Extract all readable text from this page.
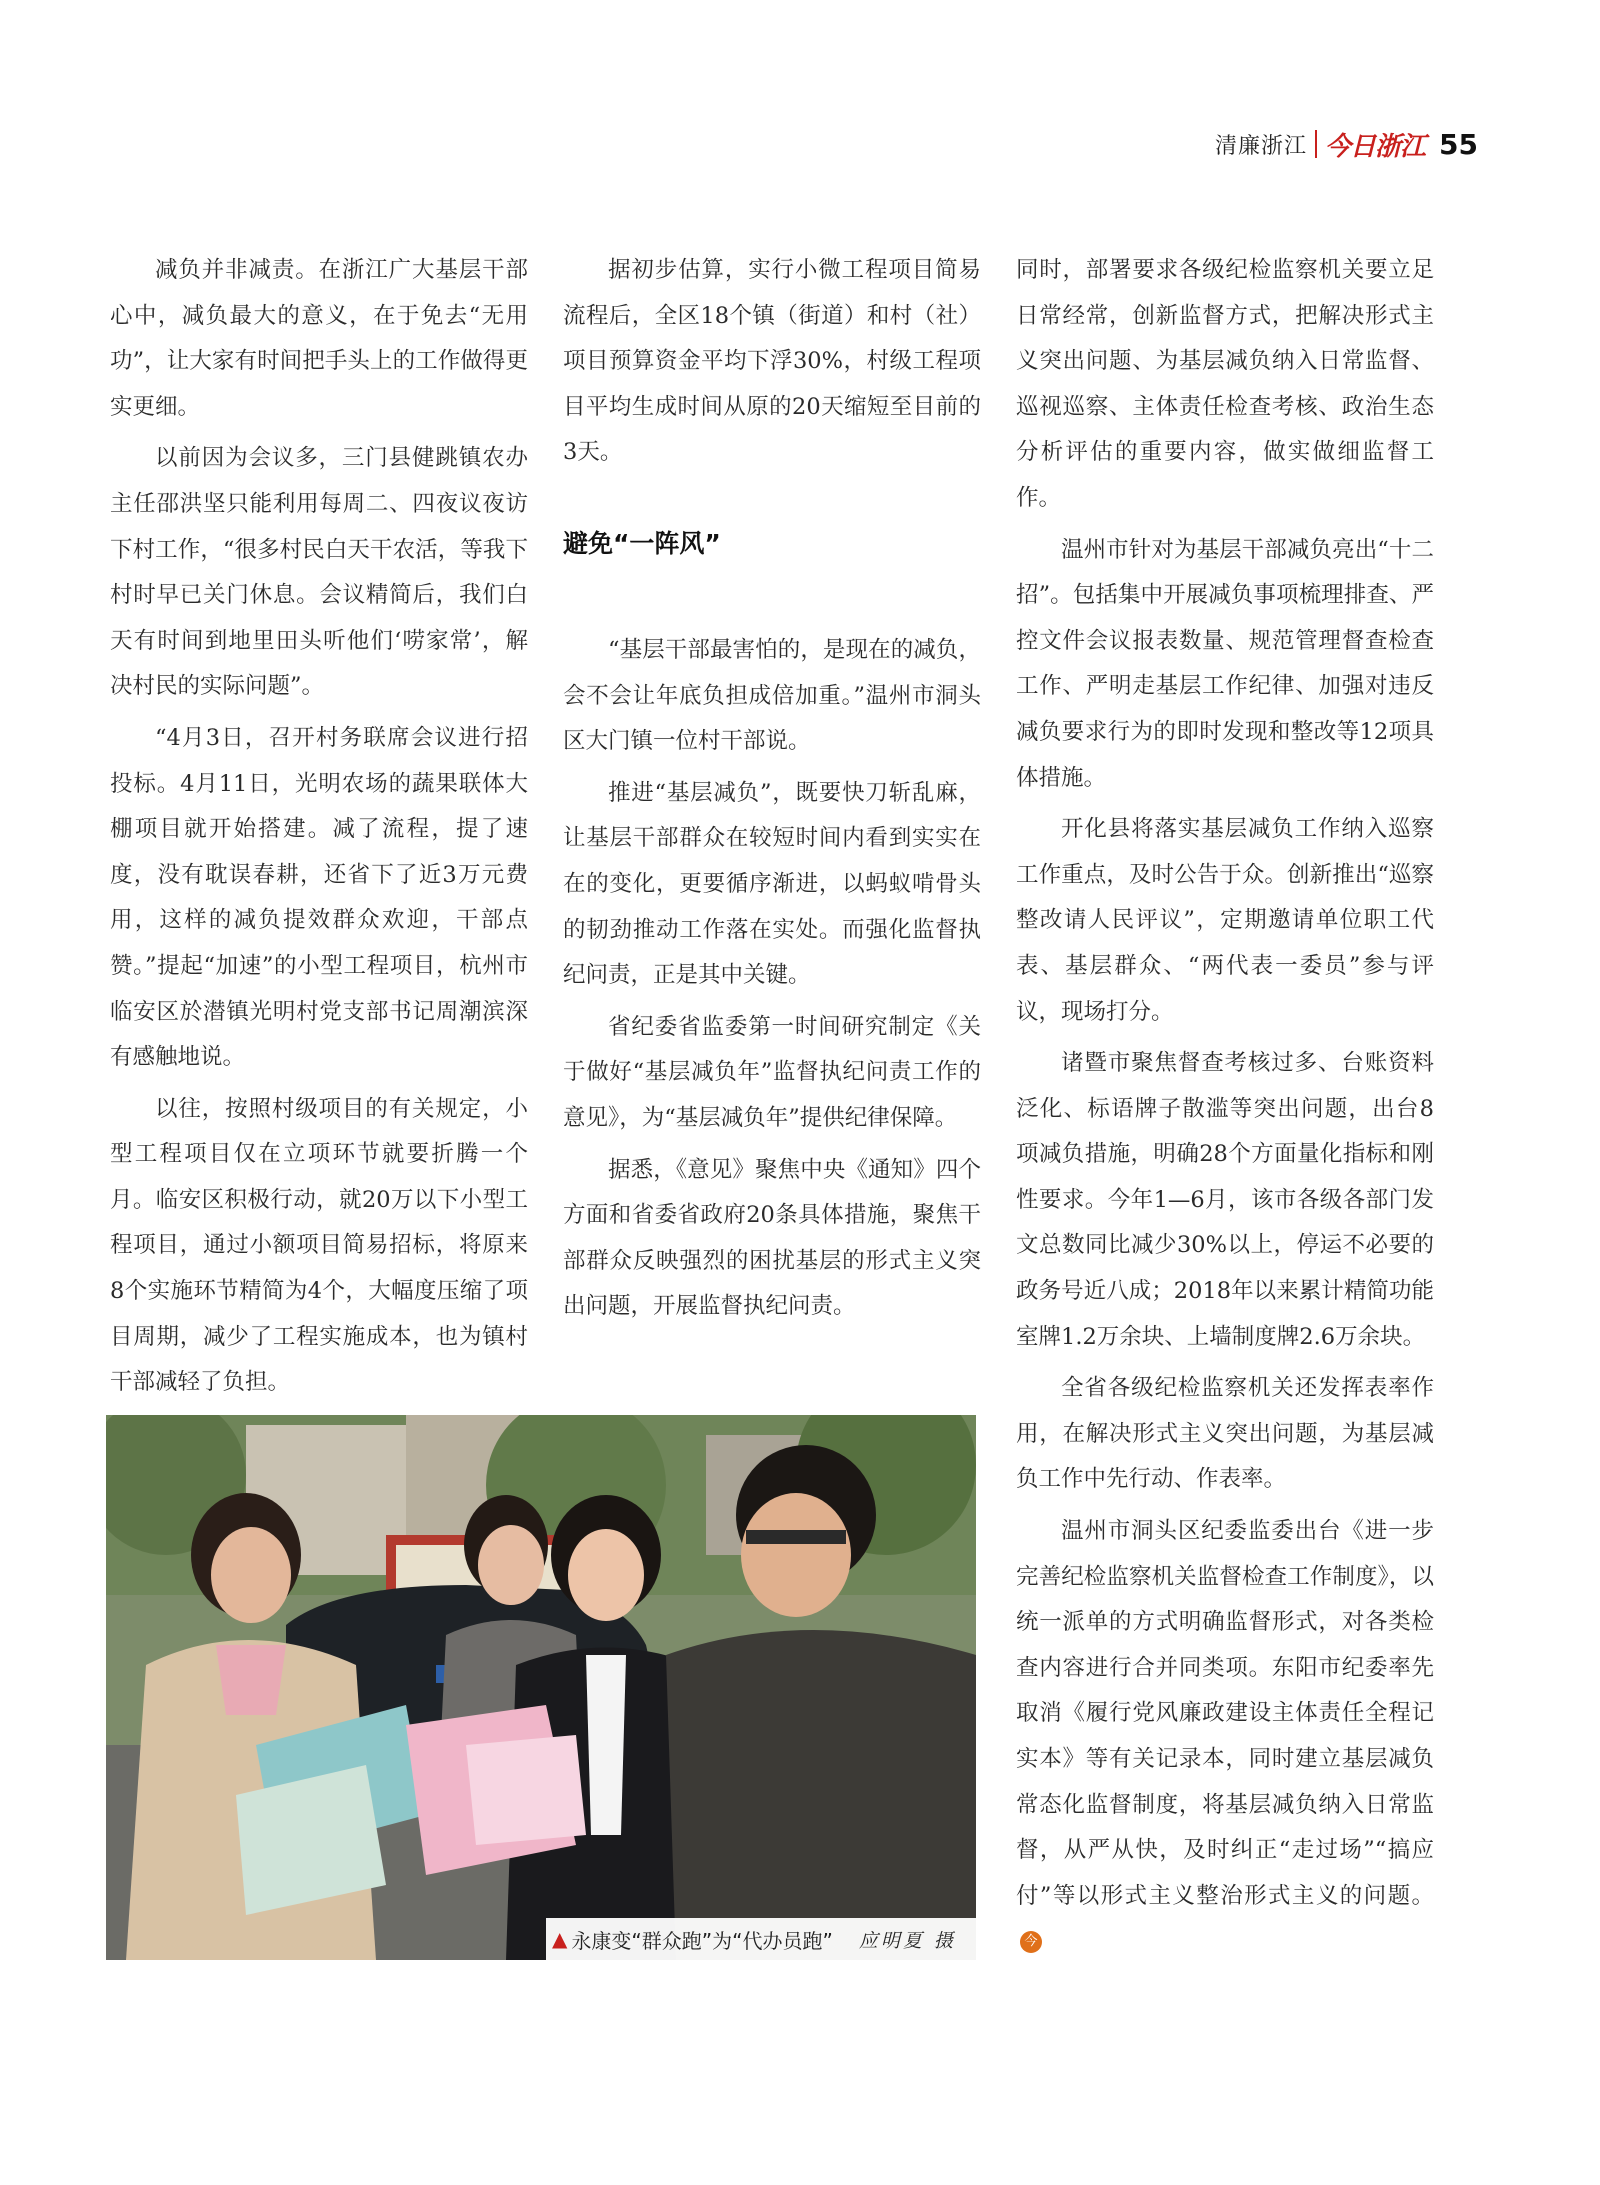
清廉浙江 今日浙江 55

减负并非减责。在浙江广大基层干部心中，减负最大的意义，在于免去“无用功”，让大家有时间把手头上的工作做得更实更细。

以前因为会议多，三门县健跳镇农办主任邵洪坚只能利用每周二、四夜议夜访下村工作，“很多村民白天干农活，等我下村时早已关门休息。会议精简后，我们白天有时间到地里田头听他们‘唠家常’，解决村民的实际问题”。

“4月3日，召开村务联席会议进行招投标。4月11日，光明农场的蔬果联体大棚项目就开始搭建。减了流程，提了速度，没有耽误春耕，还省下了近3万元费用，这样的减负提效群众欢迎，干部点赞。”提起“加速”的小型工程项目，杭州市临安区於潜镇光明村党支部书记周潮滨深有感触地说。

以往，按照村级项目的有关规定，小型工程项目仅在立项环节就要折腾一个月。临安区积极行动，就20万以下小型工程项目，通过小额项目简易招标，将原来8个实施环节精简为4个，大幅度压缩了项目周期，减少了工程实施成本，也为镇村干部减轻了负担。

据初步估算，实行小微工程项目简易流程后，全区18个镇（街道）和村（社）项目预算资金平均下浮30%，村级工程项目平均生成时间从原的20天缩短至目前的3天。

避免“一阵风”

“基层干部最害怕的，是现在的减负，会不会让年底负担成倍加重。”温州市洞头区大门镇一位村干部说。

推进“基层减负”，既要快刀斩乱麻，让基层干部群众在较短时间内看到实实在在的变化，更要循序渐进，以蚂蚁啃骨头的韧劲推动工作落在实处。而强化监督执纪问责，正是其中关键。

省纪委省监委第一时间研究制定《关于做好“基层减负年”监督执纪问责工作的意见》，为“基层减负年”提供纪律保障。

据悉，《意见》聚焦中央《通知》四个方面和省委省政府20条具体措施，聚焦干部群众反映强烈的困扰基层的形式主义突出问题，开展监督执纪问责。

同时，部署要求各级纪检监察机关要立足日常经常，创新监督方式，把解决形式主义突出问题、为基层减负纳入日常监督、巡视巡察、主体责任检查考核、政治生态分析评估的重要内容，做实做细监督工作。

温州市针对为基层干部减负亮出“十二招”。包括集中开展减负事项梳理排查、严控文件会议报表数量、规范管理督查检查工作、严明走基层工作纪律、加强对违反减负要求行为的即时发现和整改等12项具体措施。

开化县将落实基层减负工作纳入巡察工作重点，及时公告于众。创新推出“巡察整改请人民评议”，定期邀请单位职工代表、基层群众、“两代表一委员”参与评议，现场打分。

诸暨市聚焦督查考核过多、台账资料泛化、标语牌子散滥等突出问题，出台8项减负措施，明确28个方面量化指标和刚性要求。今年1—6月，该市各级各部门发文总数同比减少30%以上，停运不必要的政务号近八成；2018年以来累计精简功能室牌1.2万余块、上墙制度牌2.6万余块。

全省各级纪检监察机关还发挥表率作用，在解决形式主义突出问题，为基层减负工作中先行动、作表率。

温州市洞头区纪委监委出台《进一步完善纪检监察机关监督检查工作制度》，以统一派单的方式明确监督形式，对各类检查内容进行合并同类项。东阳市纪委率先取消《履行党风廉政建设主体责任全程记实本》等有关记录本，同时建立基层减负常态化监督制度，将基层减负纳入日常监督，从严从快，及时纠正“走过场”“搞应付”等以形式主义整治形式主义的问题。今

▲ 永康变“群众跑”为“代办员跑” 应明夏 摄
